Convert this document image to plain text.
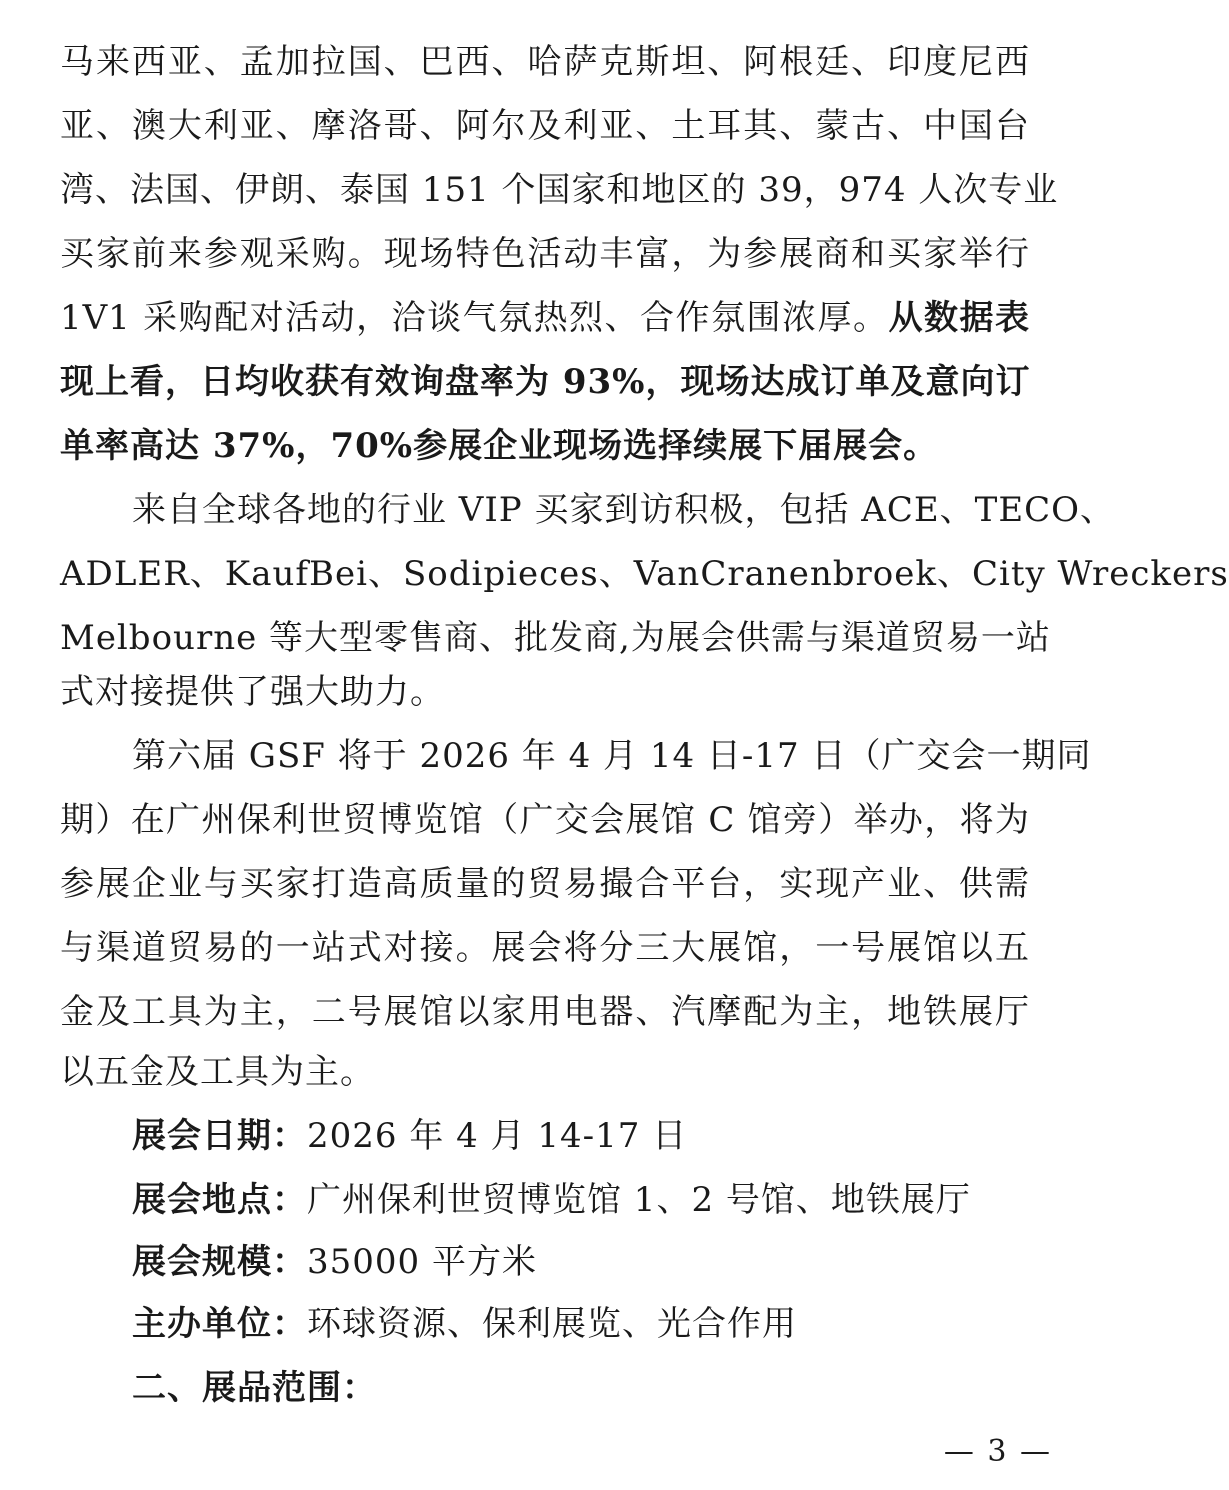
马来西亚、孟加拉国、巴西、哈萨克斯坦、阿根廷、印度尼西
亚、澳大利亚、摩洛哥、阿尔及利亚、土耳其、蒙古、中国台
湾、法国、伊朗、泰国 151 个国家和地区的 39，974 人次专业
买家前来参观采购。现场特色活动丰富，为参展商和买家举行
1V1 采购配对活动，洽谈气氛热烈、合作氛围浓厚。从数据表
现上看，日均收获有效询盘率为 93%，现场达成订单及意向订
单率高达 37%，70%参展企业现场选择续展下届展会。
来自全球各地的行业 VIP 买家到访积极，包括 ACE、TECO、
ADLER、KaufBei、Sodipieces、VanCranenbroek、City Wreckers
Melbourne 等大型零售商、批发商,为展会供需与渠道贸易一站
式对接提供了强大助力。
第六届 GSF 将于 2026 年 4 月 14 日-17 日（广交会一期同
期）在广州保利世贸博览馆（广交会展馆 C 馆旁）举办，将为
参展企业与买家打造高质量的贸易撮合平台，实现产业、供需
与渠道贸易的一站式对接。展会将分三大展馆，一号展馆以五
金及工具为主，二号展馆以家用电器、汽摩配为主，地铁展厅
以五金及工具为主。
展会日期：2026 年 4 月 14-17 日
展会地点：广州保利世贸博览馆 1、2 号馆、地铁展厅
展会规模：35000 平方米
主办单位：环球资源、保利展览、光合作用
二、展品范围：
— 3 —
